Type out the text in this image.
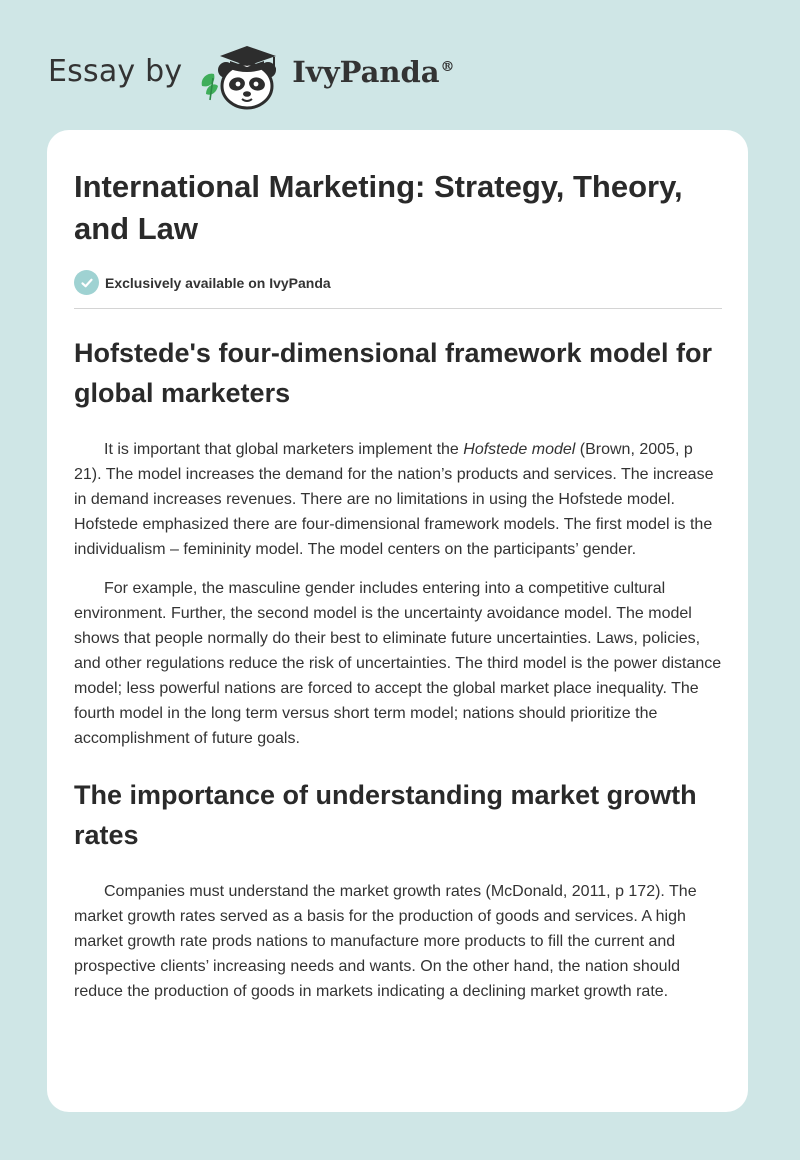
Essay by	IvyPanda®
International Marketing: Strategy, Theory, and Law
Exclusively available on IvyPanda
Hofstede's four-dimensional framework model for global marketers

It is important that global marketers implement the Hofstede model (Brown, 2005, p 21). The model increases the demand for the nation’s products and services. The increase in demand increases revenues. There are no limitations in using the Hofstede model. Hofstede emphasized there are four-dimensional framework models. The first model is the individualism – femininity model. The model centers on the participants’ gender.

For example, the masculine gender includes entering into a competitive cultural environment. Further, the second model is the uncertainty avoidance model. The model shows that people normally do their best to eliminate future uncertainties. Laws, policies, and other regulations reduce the risk of uncertainties. The third model is the power distance model; less powerful nations are forced to accept the global market place inequality. The fourth model in the long term versus short term model; nations should prioritize the accomplishment of future goals.

The importance of understanding market growth rates

Companies must understand the market growth rates (McDonald, 2011, p 172). The market growth rates served as a basis for the production of goods and services. A high market growth rate prods nations to manufacture more products to fill the current and prospective clients’ increasing needs and wants. On the other hand, the nation should reduce the production of goods in markets indicating a declining market growth rate.
